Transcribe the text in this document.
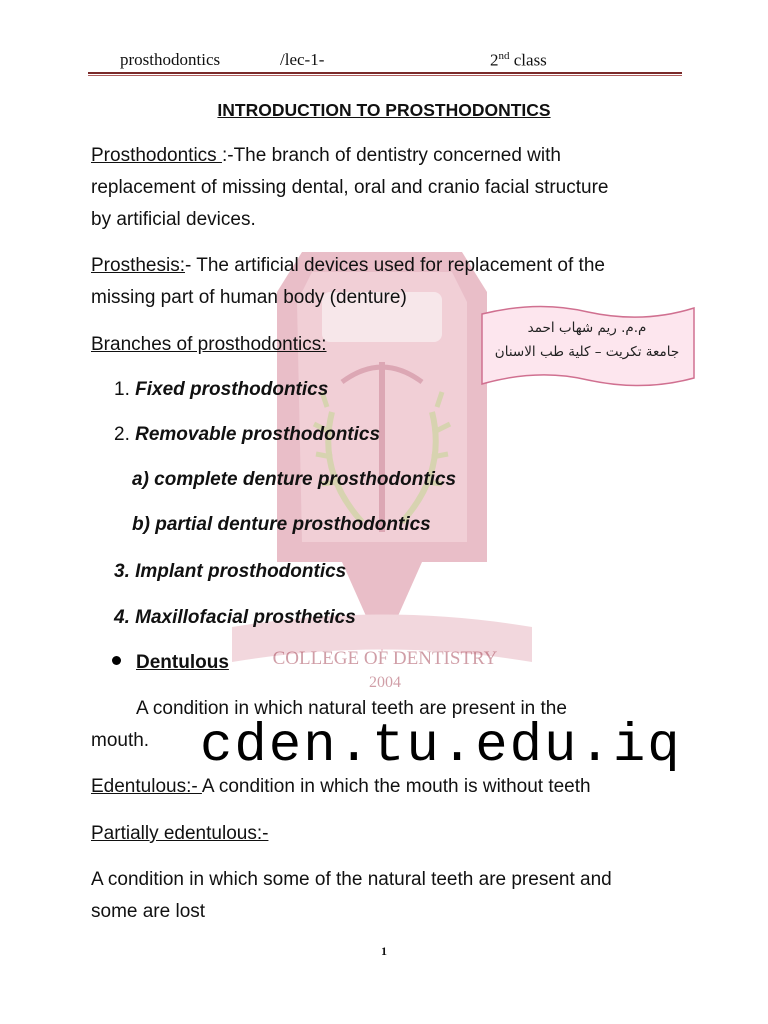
COLLEGE OF DENTISTRY
2004
prosthodontics	/lec-1-	2nd class
INTRODUCTION TO PROSTHODONTICS
Prosthodontics :-The branch of dentistry concerned with
replacement of missing dental, oral and cranio facial structure
by artificial devices.
Prosthesis:- The artificial devices used for replacement of the
missing part of human body (denture)
م.م. ريم شهاب احمد
جامعة تكريت – كلية طب الاسنان
Branches of prosthodontics:
1. Fixed prosthodontics
2. Removable prosthodontics
a) complete denture prosthodontics
b) partial denture prosthodontics
3. Implant prosthodontics
4. Maxillofacial prosthetics
Dentulous
A condition in which natural teeth are present in the
mouth. cden.tu.edu.iq
Edentulous:- A condition in which the mouth is without teeth
Partially edentulous:-
A condition in which some of the natural teeth are present and
some are lost
1
